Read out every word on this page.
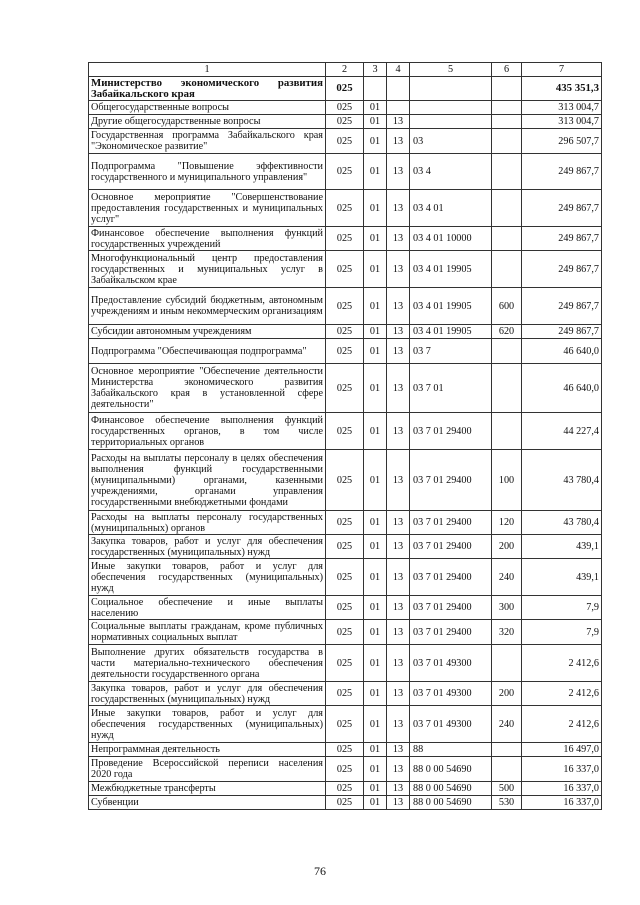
1	2	3	4	5	6	7
Министерство экономического развития Забайкальского края	025					435 351,3
Общегосударственные вопросы	025	01				313 004,7
Другие общегосударственные вопросы	025	01	13			313 004,7
Государственная программа Забайкальского края "Экономическое развитие"	025	01	13	03		296 507,7
Подпрограмма "Повышение эффективности государственного и муниципального управления"	025	01	13	03 4		249 867,7
Основное мероприятие "Совершенствование предоставления государственных и муниципальных услуг"	025	01	13	03 4 01		249 867,7
Финансовое обеспечение выполнения функций государственных учреждений	025	01	13	03 4 01 10000		249 867,7
Многофункциональный центр предоставления государственных и муниципальных услуг в Забайкальском крае	025	01	13	03 4 01 19905		249 867,7
Предоставление субсидий бюджетным, автономным учреждениям и иным некоммерческим организациям	025	01	13	03 4 01 19905	600	249 867,7
Субсидии автономным учреждениям	025	01	13	03 4 01 19905	620	249 867,7
Подпрограмма "Обеспечивающая подпрограмма"	025	01	13	03 7		46 640,0
Основное мероприятие "Обеспечение деятельности Министерства экономического развития Забайкальского края в установленной сфере деятельности"	025	01	13	03 7 01		46 640,0
Финансовое обеспечение выполнения функций государственных органов, в том числе территориальных органов	025	01	13	03 7 01 29400		44 227,4
Расходы на выплаты персоналу в целях обеспечения выполнения функций государственными (муниципальными) органами, казенными учреждениями, органами управления государственными внебюджетными фондами	025	01	13	03 7 01 29400	100	43 780,4
Расходы на выплаты персоналу государственных (муниципальных) органов	025	01	13	03 7 01 29400	120	43 780,4
Закупка товаров, работ и услуг для обеспечения государственных (муниципальных) нужд	025	01	13	03 7 01 29400	200	439,1
Иные закупки товаров, работ и услуг для обеспечения государственных (муниципальных) нужд	025	01	13	03 7 01 29400	240	439,1
Социальное обеспечение и иные выплаты населению	025	01	13	03 7 01 29400	300	7,9
Социальные выплаты гражданам, кроме публичных нормативных социальных выплат	025	01	13	03 7 01 29400	320	7,9
Выполнение других обязательств государства в части материально-технического обеспечения деятельности государственного органа	025	01	13	03 7 01 49300		2 412,6
Закупка товаров, работ и услуг для обеспечения государственных (муниципальных) нужд	025	01	13	03 7 01 49300	200	2 412,6
Иные закупки товаров, работ и услуг для обеспечения государственных (муниципальных) нужд	025	01	13	03 7 01 49300	240	2 412,6
Непрограммная деятельность	025	01	13	88		16 497,0
Проведение Всероссийской переписи населения 2020 года	025	01	13	88 0 00 54690		16 337,0
Межбюджетные трансферты	025	01	13	88 0 00 54690	500	16 337,0
Субвенции	025	01	13	88 0 00 54690	530	16 337,0
76
